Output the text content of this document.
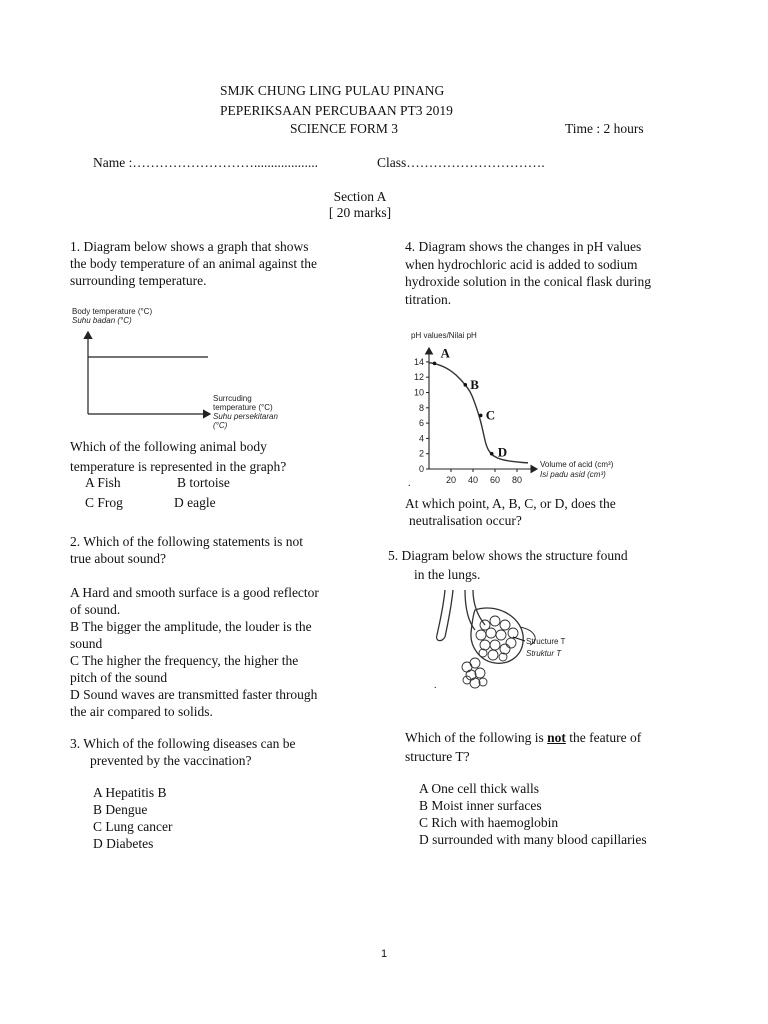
SMJK CHUNG LING PULAU PINANG
PEPERIKSAAN PERCUBAAN PT3 2019
SCIENCE FORM 3	Time : 2 hours
Name :………………………...................	Class………………………….
Section A
[ 20 marks]
1. Diagram below shows a graph that shows
the body temperature of an animal against the
surrounding temperature.
Body temperature (°C)
Suhu badan (°C)
Surrcuding
temperature (°C)
Suhu persekitaran
(°C)
Which of the following animal body
temperature is represented in the graph?
A Fish	B tortoise
C Frog	D eagle
2. Which of the following statements is not
true about sound?
A Hard and smooth surface is a good reflector
of sound.
B The bigger the amplitude, the louder is the
sound
C The higher the frequency, the higher the
pitch of the sound
D Sound waves are transmitted faster through
the air compared to solids.
3. Which of the following diseases can be
prevented by the vaccination?
A Hepatitis B
B Dengue
C Lung cancer
D Diabetes
4. Diagram shows the changes in pH values
when hydrochloric acid is added to sodium
hydroxide solution in the conical flask during
titration.
pH values/Nilai pH
Volume of acid (cm³)
Isi padu asid (cm³)
0
2
4
6
8
10
12
14
20 40 60 80
A
B
C
D
.
At which point, A, B, C, or D, does the
neutralisation occur?
5. Diagram below shows the structure found
in the lungs.
Structure T
Struktur T
.
Which of the following is not the feature of
structure T?
A One cell thick walls
B Moist inner surfaces
C Rich with haemoglobin
D surrounded with many blood capillaries
1
